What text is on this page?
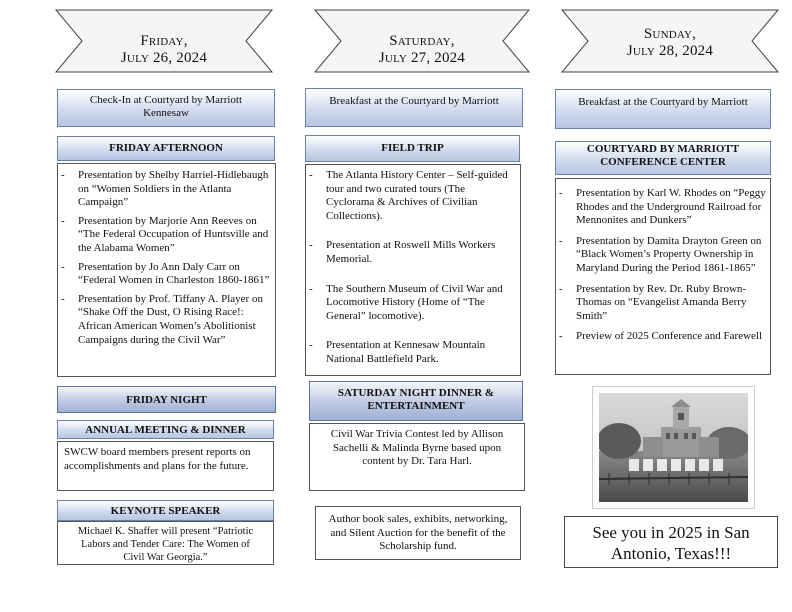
Friday,
July 26, 2024
Saturday,
July 27, 2024
Sunday,
July 28, 2024
Check-In at Courtyard by Marriott Kennesaw
FRIDAY AFTERNOON
- Presentation by Shelby Harriel-Hidlebaugh on “Women Soldiers in the Atlanta Campaign”
- Presentation by Marjorie Ann Reeves on “The Federal Occupation of Huntsville and the Alabama Women”
- Presentation by Jo Ann Daly Carr on “Federal Women in Charleston 1860-1861”
- Presentation by Prof. Tiffany A. Player on “Shake Off the Dust, O Rising Race!: African American Women’s Abolitionist Campaigns during the Civil War”
FRIDAY NIGHT
ANNUAL MEETING & DINNER
SWCW board members present reports on accomplishments and plans for the future.
KEYNOTE SPEAKER
Michael K. Shaffer will present “Patriotic Labors and Tender Care: The Women of Civil War Georgia.”
Breakfast at the Courtyard by Marriott
FIELD TRIP
- The Atlanta History Center – Self-guided tour and two curated tours (The Cyclorama & Archives of Civilian Collections).
- Presentation at Roswell Mills Workers Memorial.
- The Southern Museum of Civil War and Locomotive History (Home of “The General” locomotive).
- Presentation at Kennesaw Mountain National Battlefield Park.
SATURDAY NIGHT DINNER & ENTERTAINMENT
Civil War Trivia Contest led by Allison Sachelli & Malinda Byrne based upon content by Dr. Tara Harl.
Author book sales, exhibits, networking, and Silent Auction for the benefit of the Scholarship fund.
Breakfast at the Courtyard by Marriott
COURTYARD BY MARRIOTT CONFERENCE CENTER
- Presentation by Karl W. Rhodes on “Peggy Rhodes and the Underground Railroad for Mennonites and Dunkers”
- Presentation by Damita Drayton Green on “Black Women’s Property Ownership in Maryland During the Period 1861-1865”
- Presentation by Rev. Dr. Ruby Brown-Thomas on “Evangelist Amanda Berry Smith”
- Preview of 2025 Conference and Farewell
See you in 2025 in San Antonio, Texas!!!
